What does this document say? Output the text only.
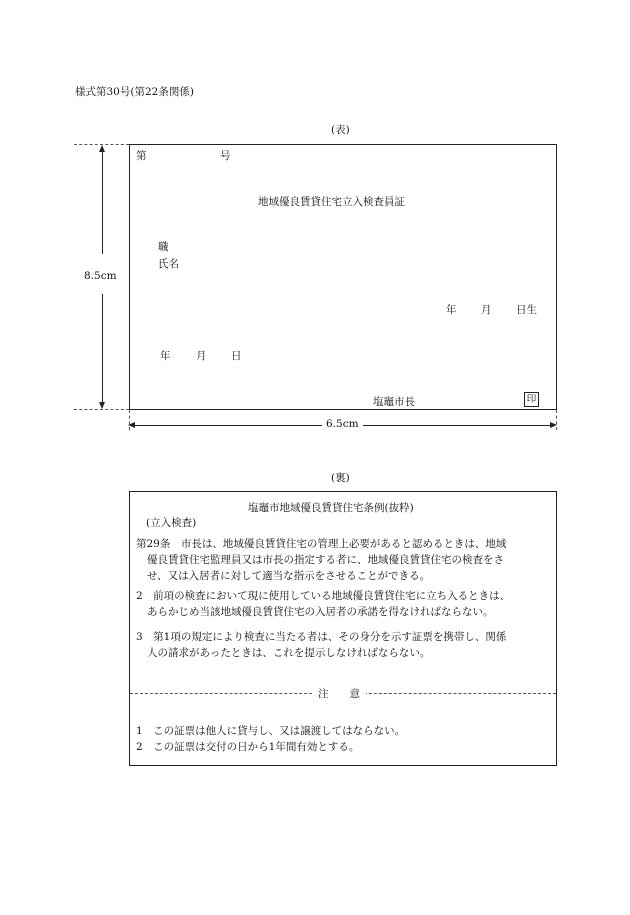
様式第30号(第22条関係)
(表)
第	号
地域優良賃貸住宅立入検査員証
職
氏名
年 月 日生
年 月 日
塩竈市長	印
8.5cm
6.5cm
(裏)
塩竈市地域優良賃貸住宅条例(抜粋)
(立入検査)
第29条　市長は、地域優良賃貸住宅の管理上必要があると認めるときは、地域
優良賃貸住宅監理員又は市長の指定する者に、地域優良賃貸住宅の検査をさ
せ、又は入居者に対して適当な指示をさせることができる。
2　前項の検査において現に使用している地域優良賃貸住宅に立ち入るときは、
あらかじめ当該地域優良賃貸住宅の入居者の承諾を得なければならない。
3　第1項の規定により検査に当たる者は、その身分を示す証票を携帯し、関係
人の請求があったときは、これを提示しなければならない。
注　　意
1　この証票は他人に貸与し、又は譲渡してはならない。
2　この証票は交付の日から1年間有効とする。
